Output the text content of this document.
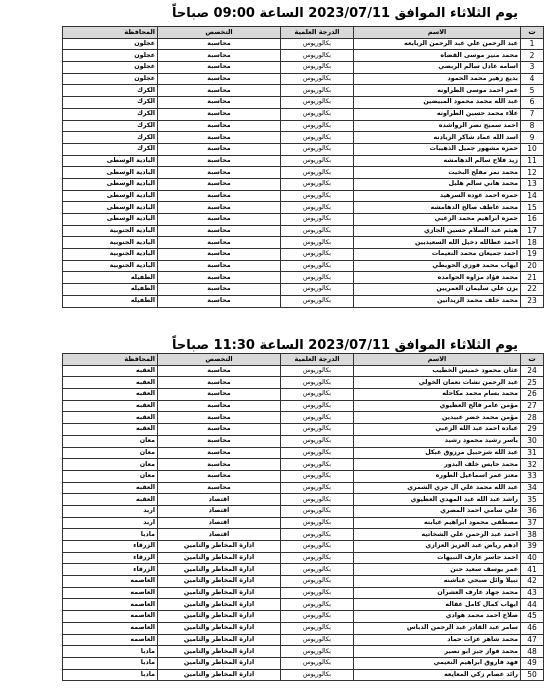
يوم الثلاثاء الموافق 2023/07/11 الساعة 09:00 صباحاً
ت	الاسم	الدرجة العلمية	التخصص	المحافظة
1	عبد الرحمن علي عبد الرحمن الربايعه	بكالوريوس	محاسبة	عجلون
2	محمد منير موسى القضاه	بكالوريوس	محاسبة	عجلون
3	اسامه عادل سالم الربضي	بكالوريوس	محاسبة	عجلون
4	بديع زهير محمد الحمود	بكالوريوس	محاسبة	عجلون
5	عمر احمد موسى الطراونه	بكالوريوس	محاسبة	الكرك
6	عبد الله محمد محمود المبيضين	بكالوريوس	محاسبة	الكرك
7	علاء محمد حسين الطراونه	بكالوريوس	محاسبة	الكرك
8	احمد سميح نصر الرواشده	بكالوريوس	محاسبة	الكرك
9	اسد الله عماد شاكر الزيادنه	بكالوريوس	محاسبة	الكرك
10	حمزه مشهور جميل الذهيبات	بكالوريوس	محاسبة	الكرك
11	زيد فلاح سالم الدهامشه	بكالوريوس	محاسبة	البادية الوسطى
12	محمد نمر مفلح البخيت	بكالوريوس	محاسبة	البادية الوسطى
13	محمد هاني سالم هليل	بكالوريوس	محاسبة	البادية الوسطى
14	حمزه احمد عوده السرهيد	بكالوريوس	محاسبة	البادية الوسطى
15	محمد عاطف صالح الدهامشه	بكالوريوس	محاسبة	البادية الوسطى
16	حمزه ابراهيم محمد الزعبي	بكالوريوس	محاسبة	البادية الوسطى
17	هيثم عبد السلام حسين الجازي	بكالوريوس	محاسبة	البادية الجنوبية
18	احمد عطالله دخيل الله السعيديين	بكالوريوس	محاسبة	البادية الجنوبية
19	احمد جميعان محمد النعيمات	بكالوريوس	محاسبة	البادية الجنوبية
20	ايهاب محمد فوزي الحويطي	بكالوريوس	محاسبة	البادية الجنوبية
21	محمد فؤاد مزاوه الحوامده	بكالوريوس	محاسبة	الطفيله
22	يزن علي سليمان العمريين	بكالوريوس	محاسبة	الطفيله
23	محمد خلف محمد الزيدانين	بكالوريوس	محاسبة	الطفيله
يوم الثلاثاء الموافق 2023/07/11 الساعة 11:30 صباحاً
ت	الاسم	الدرجة العلمية	التخصص	المحافظة
24	عثان محمود خميس الخطيب	بكالوريوس	محاسبة	العقبه
25	عبد الرحمن نشات نعمان الخولي	بكالوريوس	محاسبة	العقبه
26	محمد بسام محمد مكاحله	بكالوريوس	محاسبة	العقبه
27	مؤمن عامر فالح العظيوي	بكالوريوس	محاسبة	العقبه
28	مؤمن محمد خضر عبيدين	بكالوريوس	محاسبة	العقبه
29	عباده احمد عبد الله الزعبي	بكالوريوس	محاسبة	العقبه
30	ياسر رشيد محمود رشيد	بكالوريوس	محاسبة	معان
31	عبد الله شرحبيل مرزوق عبكل	بكالوريوس	محاسبة	معان
32	محمد حابس خلف البدور	بكالوريوس	محاسبة	معان
33	معتز عمر اسماعيل الطوره	بكالوريوس	محاسبة	معان
34	عبد الله محمد علي ال جري الشمري	بكالوريوس	محاسبة	العقبه
35	راشد عبد الله عبد المهدي العظيوي	بكالوريوس	اقتصاد	العقبه
36	علي سامي احمد المصري	بكالوريوس	اقتصاد	اربد
37	مصطفى محمود ابراهيم عبابنه	بكالوريوس	اقتصاد	اربد
38	احمد عبد الرحمن علي الشخاتيه	بكالوريوس	اقتصاد	مادبا
39	ادهم رياض عبد العزيز العزازي	بكالوريوس	ادارة المخاطر والتامين	الزرقاء
40	احمد جاسر عارف النبيهات	بكالوريوس	ادارة المخاطر والتامين	الزرقاء
41	عمر يوسف سعيد حنن	بكالوريوس	ادارة المخاطر والتامين	الزرقاء
42	نبيلا وائل صبحي غباشنه	بكالوريوس	ادارة المخاطر والتامين	العاصمه
43	محمد جهاد عارف العشران	بكالوريوس	ادارة المخاطر والتامين	العاصمه
44	ايهاب كمال كامل عقاله	بكالوريوس	ادارة المخاطر والتامين	العاصمه
45	صلاح احمد محمد هوادي	بكالوريوس	ادارة المخاطر والتامين	العاصمه
46	سامر عبد القادر عبد الرحمن الدباس	بكالوريوس	ادارة المخاطر والتامين	العاصمه
47	محمد شاهر عزات حماد	بكالوريوس	ادارة المخاطر والتامين	العاصمه
48	محمد فواز جبر ابو نصير	بكالوريوس	ادارة المخاطر والتامين	مادبا
49	فهد فاروق ابراهيم النعيمي	بكالوريوس	ادارة المخاطر والتامين	مادبا
50	رائد عصام زكي المعايعه	بكالوريوس	ادارة المخاطر والتامين	مادبا
